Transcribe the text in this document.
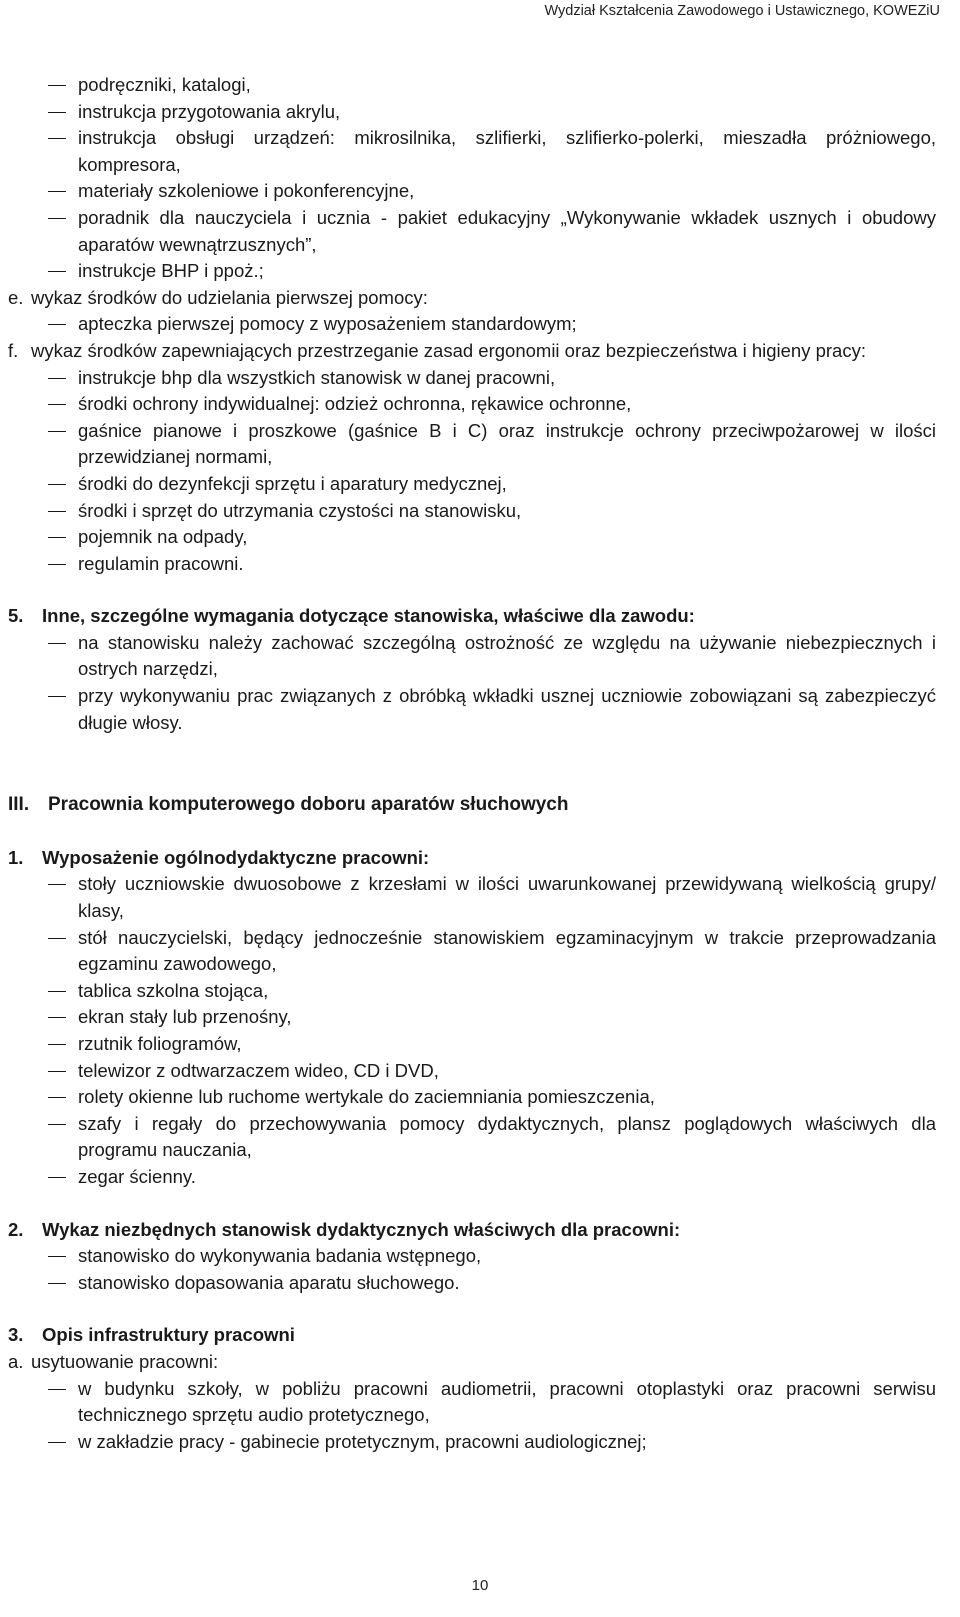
Wydział Kształcenia Zawodowego i Ustawicznego, KOWEZiU
podręczniki, katalogi,
instrukcja przygotowania akrylu,
instrukcja obsługi urządzeń: mikrosilnika, szlifierki, szlifierko-polerki, mieszadła próżniowego, kompresora,
materiały szkoleniowe i pokonferencyjne,
poradnik dla nauczyciela i ucznia - pakiet edukacyjny „Wykonywanie wkładek usznych i obudowy aparatów wewnątrzusznych”,
instrukcje BHP i ppoż.;
e. wykaz środków do udzielania pierwszej pomocy:
apteczka pierwszej pomocy z wyposażeniem standardowym;
f. wykaz środków zapewniających przestrzeganie zasad ergonomii oraz bezpieczeństwa i higieny pracy:
instrukcje bhp dla wszystkich stanowisk w danej pracowni,
środki ochrony indywidualnej: odzież ochronna, rękawice ochronne,
gaśnice pianowe i proszkowe (gaśnice B i C) oraz instrukcje ochrony przeciwpożarowej w ilości przewidzianej normami,
środki do dezynfekcji sprzętu i aparatury medycznej,
środki i sprzęt do utrzymania czystości na stanowisku,
pojemnik na odpady,
regulamin pracowni.
5. Inne, szczególne wymagania dotyczące stanowiska, właściwe dla zawodu:
na stanowisku należy zachować szczególną ostrożność ze względu na używanie niebezpiecznych i ostrych narzędzi,
przy wykonywaniu prac związanych z obróbką wkładki usznej uczniowie zobowiązani są zabezpieczyć długie włosy.
III. Pracownia komputerowego doboru aparatów słuchowych
1. Wyposażenie ogólnodydaktyczne pracowni:
stoły uczniowskie dwuosobowe z krzesłami w ilości uwarunkowanej przewidywaną wielkością grupy/ klasy,
stół nauczycielski, będący jednocześnie stanowiskiem egzaminacyjnym w trakcie przeprowadzania egzaminu zawodowego,
tablica szkolna stojąca,
ekran stały lub przenośny,
rzutnik foliogramów,
telewizor z odtwarzaczem wideo, CD i DVD,
rolety okienne lub ruchome wertykale do zaciemniania pomieszczenia,
szafy i regały do przechowywania pomocy dydaktycznych, plansz poglądowych właściwych dla programu nauczania,
zegar ścienny.
2. Wykaz niezbędnych stanowisk dydaktycznych właściwych dla pracowni:
stanowisko do wykonywania badania wstępnego,
stanowisko dopasowania aparatu słuchowego.
3. Opis infrastruktury pracowni
a. usytuowanie pracowni:
w budynku szkoły, w pobliżu pracowni audiometrii, pracowni otoplastyki oraz pracowni serwisu technicznego sprzętu audio protetycznego,
w zakładzie pracy - gabinecie protetycznym, pracowni audiologicznej;
10
